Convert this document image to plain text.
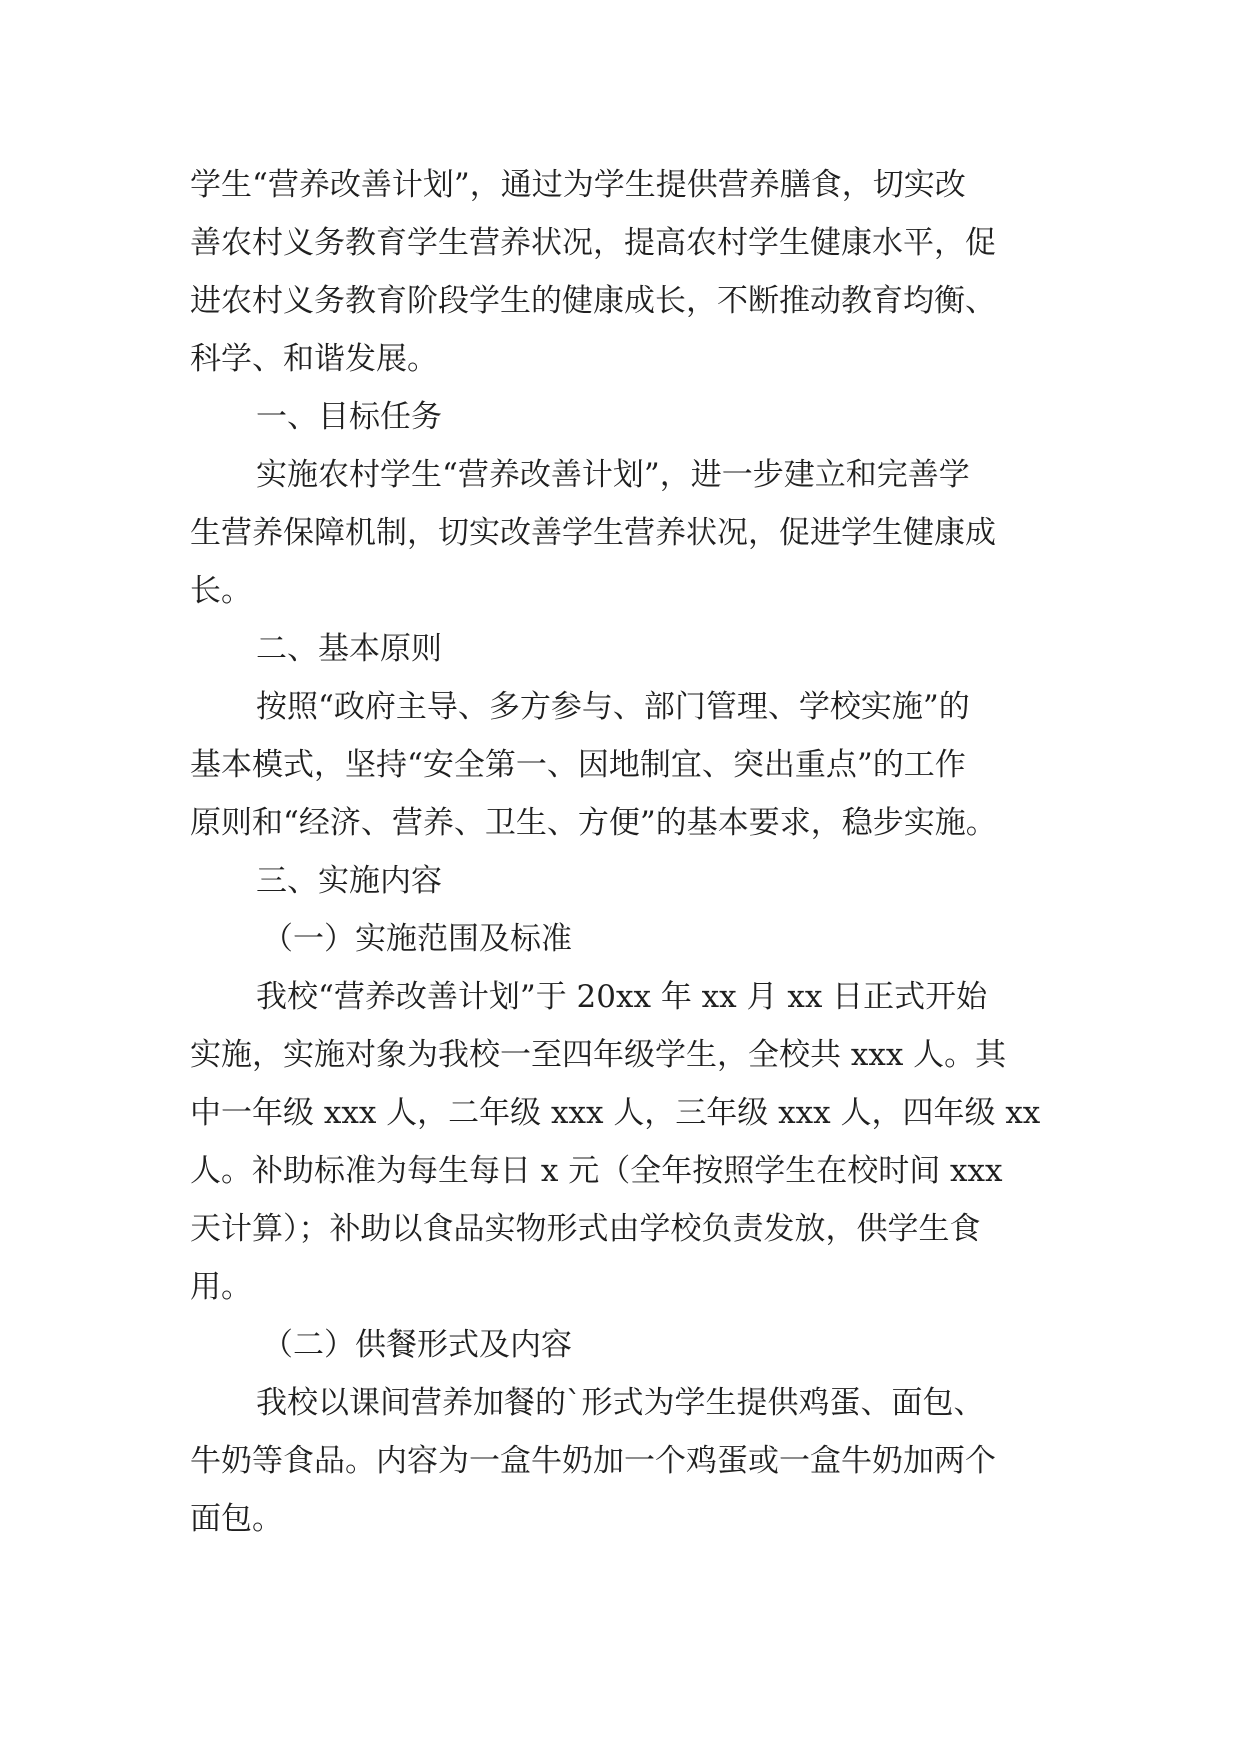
学生“营养改善计划”，通过为学生提供营养膳食，切实改
善农村义务教育学生营养状况，提高农村学生健康水平，促
进农村义务教育阶段学生的健康成长，不断推动教育均衡、
科学、和谐发展。
一、目标任务
实施农村学生“营养改善计划”，进一步建立和完善学
生营养保障机制，切实改善学生营养状况，促进学生健康成
长。
二、基本原则
按照“政府主导、多方参与、部门管理、学校实施”的
基本模式，坚持“安全第一、因地制宜、突出重点”的工作
原则和“经济、营养、卫生、方便”的基本要求，稳步实施。
三、实施内容
（一）实施范围及标准
我校“营养改善计划”于 20xx 年 xx 月 xx 日正式开始
实施，实施对象为我校一至四年级学生，全校共 xxx 人。其
中一年级 xxx 人，二年级 xxx 人，三年级 xxx 人，四年级 xx
人。补助标准为每生每日 x 元（全年按照学生在校时间 xxx
天计算）；补助以食品实物形式由学校负责发放，供学生食
用。
（二）供餐形式及内容
我校以课间营养加餐的`形式为学生提供鸡蛋、面包、
牛奶等食品。内容为一盒牛奶加一个鸡蛋或一盒牛奶加两个
面包。
